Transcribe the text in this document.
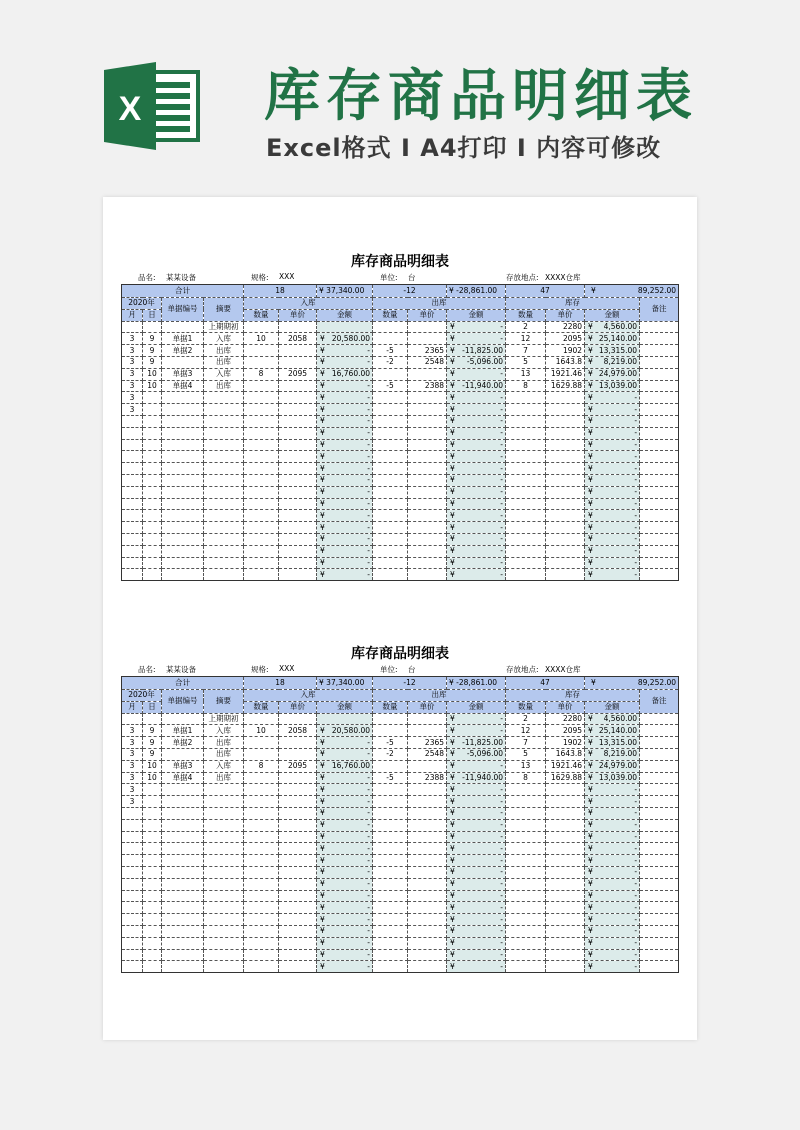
X 库存商品明细表
Excel格式 I A4打印 I 内容可修改
库存商品明细表
品名: 某某设备	规格: XXX	单位: 台	存放地点: XXXX仓库
合计				18		¥ 37,340.00	-12		¥ -28,861.00	47		¥ 89,252.00	
2020年		单据编号	摘要	入库			出库			库存			备注
月	日			数量	单价	金额	数量	单价	金额	数量	单价	金额	
			上期期初						¥ -	2	2280	¥ 4,560.00	
3	9	单据1	入库	10	2058	¥ 20,580.00			¥ -	12	2095	¥ 25,140.00	
3	9	单据2	出库			¥ -	-5	2365	¥ -11,825.00	7	1902	¥ 13,315.00	
3	9		出库			¥ -	-2	2548	¥ -5,096.00	5	1643.8	¥ 8,219.00	
3	10	单据3	入库	8	2095	¥ 16,760.00			¥ -	13	1921.46	¥ 24,979.00	
3	10	单据4	出库			¥ -	-5	2388	¥ -11,940.00	8	1629.88	¥ 13,039.00	
3						¥ -			¥ -			¥ -	
3						¥ -			¥ -			¥ -	

						¥ -			¥ -			¥ -	

						¥ -			¥ -			¥ -	

						¥ -			¥ -			¥ -	

						¥ -			¥ -			¥ -	

						¥ -			¥ -			¥ -	

						¥ -			¥ -			¥ -	

						¥ -			¥ -			¥ -	

						¥ -			¥ -			¥ -	

						¥ -			¥ -			¥ -	

						¥ -			¥ -			¥ -	

						¥ -			¥ -			¥ -	

						¥ -			¥ -			¥ -	

						¥ -			¥ -			¥ -	

						¥ -			¥ -			¥ -	
库存商品明细表
品名: 某某设备	规格: XXX	单位: 台	存放地点: XXXX仓库
合计				18		¥ 37,340.00	-12		¥ -28,861.00	47		¥ 89,252.00	
2020年		单据编号	摘要	入库			出库			库存			备注
月	日			数量	单价	金额	数量	单价	金额	数量	单价	金额	
			上期期初						¥ -	2	2280	¥ 4,560.00	
3	9	单据1	入库	10	2058	¥ 20,580.00			¥ -	12	2095	¥ 25,140.00	
3	9	单据2	出库			¥ -	-5	2365	¥ -11,825.00	7	1902	¥ 13,315.00	
3	9		出库			¥ -	-2	2548	¥ -5,096.00	5	1643.8	¥ 8,219.00	
3	10	单据3	入库	8	2095	¥ 16,760.00			¥ -	13	1921.46	¥ 24,979.00	
3	10	单据4	出库			¥ -	-5	2388	¥ -11,940.00	8	1629.88	¥ 13,039.00	
3						¥ -			¥ -			¥ -	
3						¥ -			¥ -			¥ -	

						¥ -			¥ -			¥ -	

						¥ -			¥ -			¥ -	

						¥ -			¥ -			¥ -	

						¥ -			¥ -			¥ -	

						¥ -			¥ -			¥ -	

						¥ -			¥ -			¥ -	

						¥ -			¥ -			¥ -	

						¥ -			¥ -			¥ -	

						¥ -			¥ -			¥ -	

						¥ -			¥ -			¥ -	

						¥ -			¥ -			¥ -	

						¥ -			¥ -			¥ -	

						¥ -			¥ -			¥ -	

						¥ -			¥ -			¥ -	
